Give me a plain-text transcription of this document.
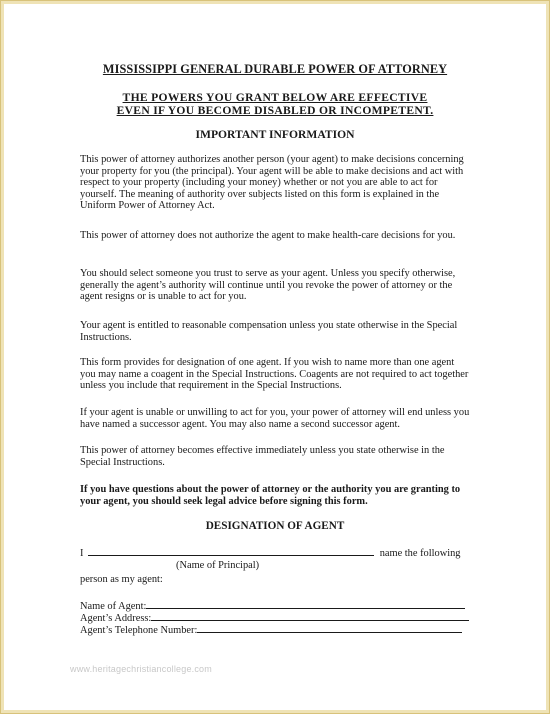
MISSISSIPPI GENERAL DURABLE POWER OF ATTORNEY

THE POWERS YOU GRANT BELOW ARE EFFECTIVE
EVEN IF YOU BECOME DISABLED OR INCOMPETENT.

IMPORTANT INFORMATION

This power of attorney authorizes another person (your agent) to make decisions concerning your property for you (the principal). Your agent will be able to make decisions and act with respect to your property (including your money) whether or not you are able to act for yourself. The meaning of authority over subjects listed on this form is explained in the Uniform Power of Attorney Act.

This power of attorney does not authorize the agent to make health-care decisions for you.

You should select someone you trust to serve as your agent. Unless you specify otherwise, generally the agent’s authority will continue until you revoke the power of attorney or the agent resigns or is unable to act for you.

Your agent is entitled to reasonable compensation unless you state otherwise in the Special Instructions.

This form provides for designation of one agent. If you wish to name more than one agent you may name a coagent in the Special Instructions. Coagents are not required to act together unless you include that requirement in the Special Instructions.

If your agent is unable or unwilling to act for you, your power of attorney will end unless you have named a successor agent. You may also name a second successor agent.

This power of attorney becomes effective immediately unless you state otherwise in the Special Instructions.

If you have questions about the power of attorney or the authority you are granting to your agent, you should seek legal advice before signing this form.

DESIGNATION OF AGENT

I	name the following
(Name of Principal)
person as my agent:
Name of Agent:
Agent’s Address:
Agent’s Telephone Number:
www.heritagechristiancollege.com
